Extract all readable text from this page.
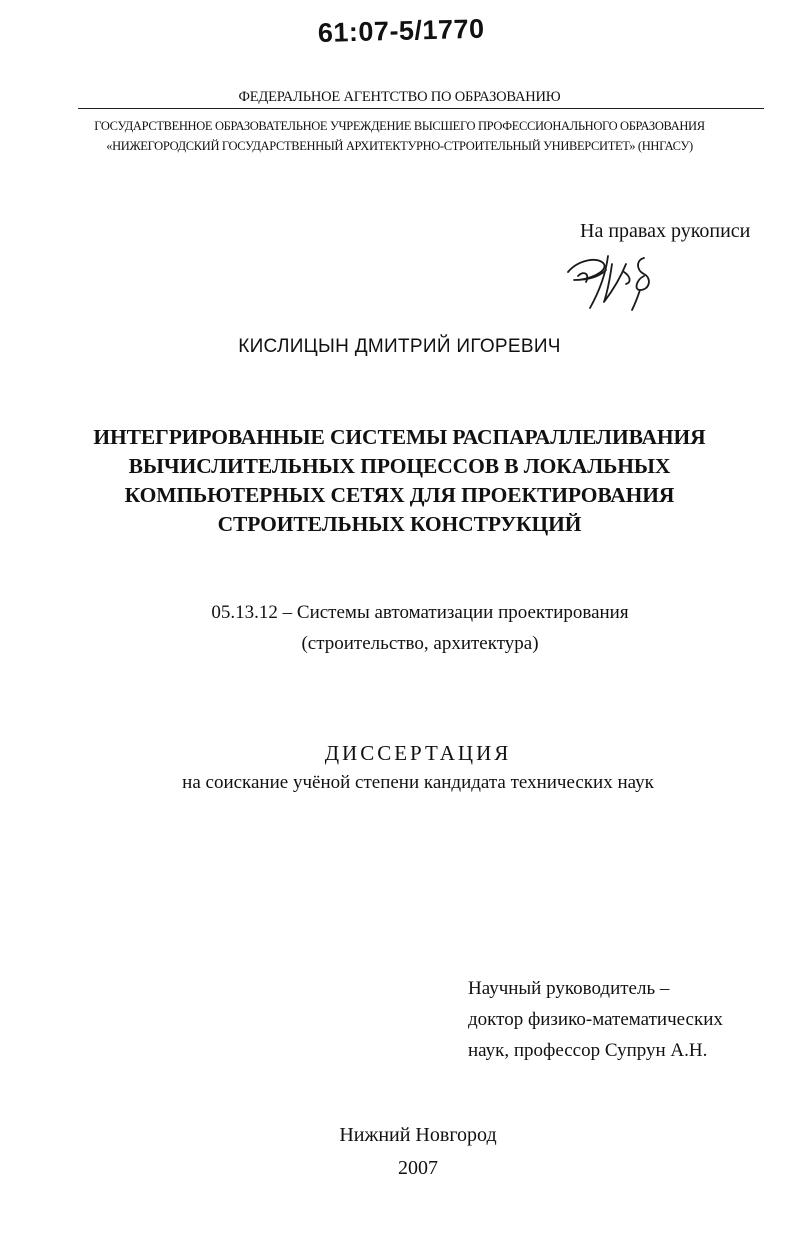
61:07-5/1770
ФЕДЕРАЛЬНОЕ АГЕНТСТВО ПО ОБРАЗОВАНИЮ
ГОСУДАРСТВЕННОЕ ОБРАЗОВАТЕЛЬНОЕ УЧРЕЖДЕНИЕ ВЫСШЕГО ПРОФЕССИОНАЛЬНОГО ОБРАЗОВАНИЯ
«НИЖЕГОРОДСКИЙ ГОСУДАРСТВЕННЫЙ АРХИТЕКТУРНО-СТРОИТЕЛЬНЫЙ УНИВЕРСИТЕТ» (ННГАСУ)
На правах рукописи
КИСЛИЦЫН ДМИТРИЙ ИГОРЕВИЧ
ИНТЕГРИРОВАННЫЕ СИСТЕМЫ РАСПАРАЛЛЕЛИВАНИЯ
ВЫЧИСЛИТЕЛЬНЫХ ПРОЦЕССОВ В ЛОКАЛЬНЫХ
КОМПЬЮТЕРНЫХ СЕТЯХ ДЛЯ ПРОЕКТИРОВАНИЯ
СТРОИТЕЛЬНЫХ КОНСТРУКЦИЙ
05.13.12 – Системы автоматизации проектирования
(строительство, архитектура)
ДИССЕРТАЦИЯ
на соискание учёной степени кандидата технических наук
Научный руководитель –
доктор физико-математических
наук, профессор Супрун А.Н.
Нижний Новгород
2007
